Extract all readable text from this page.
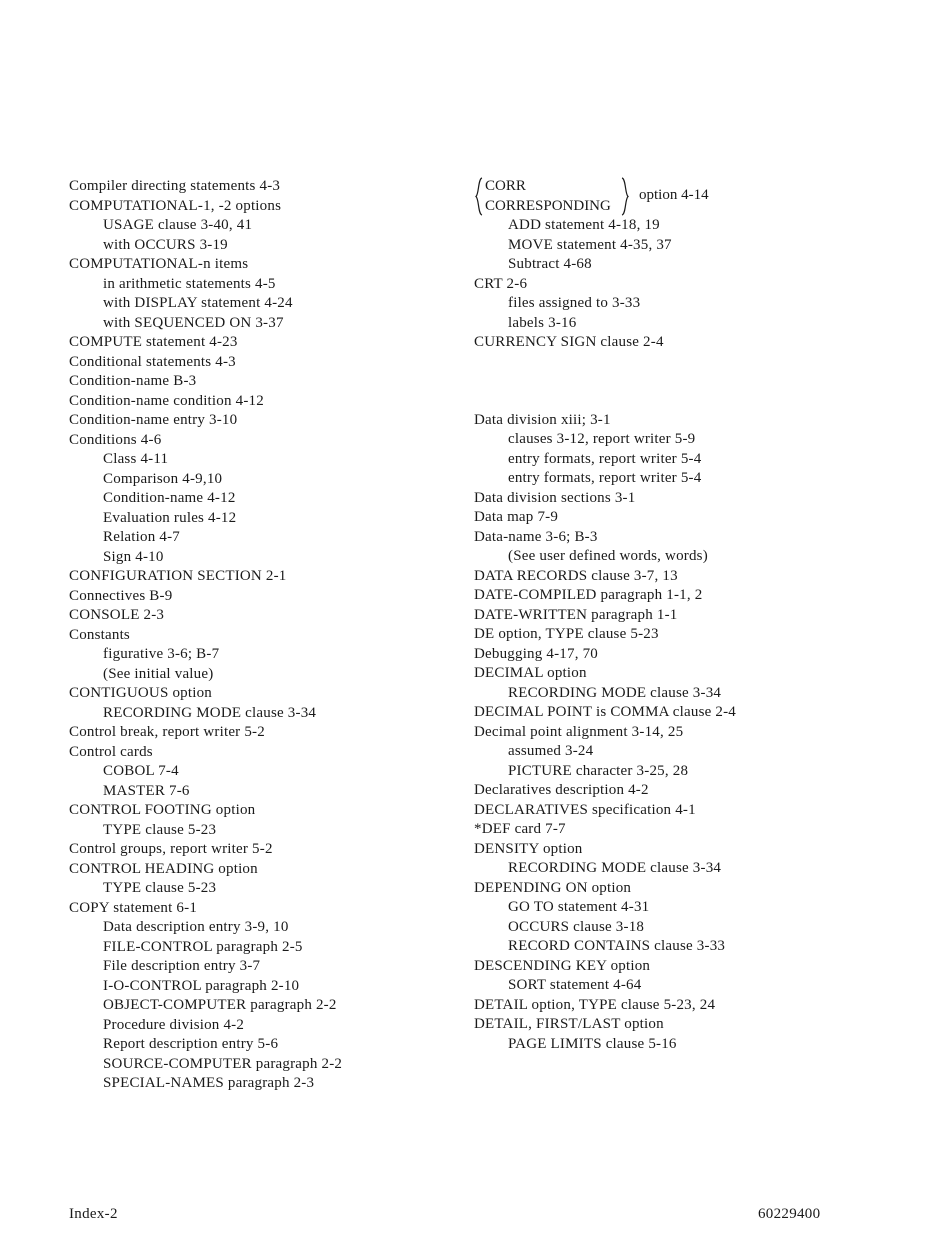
Compiler directing statements 4-3
COMPUTATIONAL-1, -2 options
USAGE clause 3-40, 41
with OCCURS 3-19
COMPUTATIONAL-n items
in arithmetic statements 4-5
with DISPLAY statement 4-24
with SEQUENCED ON 3-37
COMPUTE statement 4-23
Conditional statements 4-3
Condition-name B-3
Condition-name condition 4-12
Condition-name entry 3-10
Conditions 4-6
Class 4-11
Comparison 4-9,10
Condition-name 4-12
Evaluation rules 4-12
Relation 4-7
Sign 4-10
CONFIGURATION SECTION 2-1
Connectives B-9
CONSOLE 2-3
Constants
figurative 3-6; B-7
(See initial value)
CONTIGUOUS option
RECORDING MODE clause 3-34
Control break, report writer 5-2
Control cards
COBOL 7-4
MASTER 7-6
CONTROL FOOTING option
TYPE clause 5-23
Control groups, report writer 5-2
CONTROL HEADING option
TYPE clause 5-23
COPY statement 6-1
Data description entry 3-9, 10
FILE-CONTROL paragraph 2-5
File description entry 3-7
I-O-CONTROL paragraph 2-10
OBJECT-COMPUTER paragraph 2-2
Procedure division 4-2
Report description entry 5-6
SOURCE-COMPUTER paragraph 2-2
SPECIAL-NAMES paragraph 2-3
CORR
CORRESPONDING
option 4-14
ADD statement 4-18, 19
MOVE statement 4-35, 37
Subtract 4-68
CRT 2-6
files assigned to 3-33
labels 3-16
CURRENCY SIGN clause 2-4
Data division xiii; 3-1
clauses 3-12, report writer 5-9
entry formats, report writer 5-4
entry formats, report writer 5-4
Data division sections 3-1
Data map 7-9
Data-name 3-6; B-3
(See user defined words, words)
DATA RECORDS clause 3-7, 13
DATE-COMPILED paragraph 1-1, 2
DATE-WRITTEN paragraph 1-1
DE option, TYPE clause 5-23
Debugging 4-17, 70
DECIMAL option
RECORDING MODE clause 3-34
DECIMAL POINT is COMMA clause 2-4
Decimal point alignment 3-14, 25
assumed 3-24
PICTURE character 3-25, 28
Declaratives description 4-2
DECLARATIVES specification 4-1
*DEF card 7-7
DENSITY option
RECORDING MODE clause 3-34
DEPENDING ON option
GO TO statement 4-31
OCCURS clause 3-18
RECORD CONTAINS clause 3-33
DESCENDING KEY option
SORT statement 4-64
DETAIL option, TYPE clause 5-23, 24
DETAIL, FIRST/LAST option
PAGE LIMITS clause 5-16
Index-2	60229400
